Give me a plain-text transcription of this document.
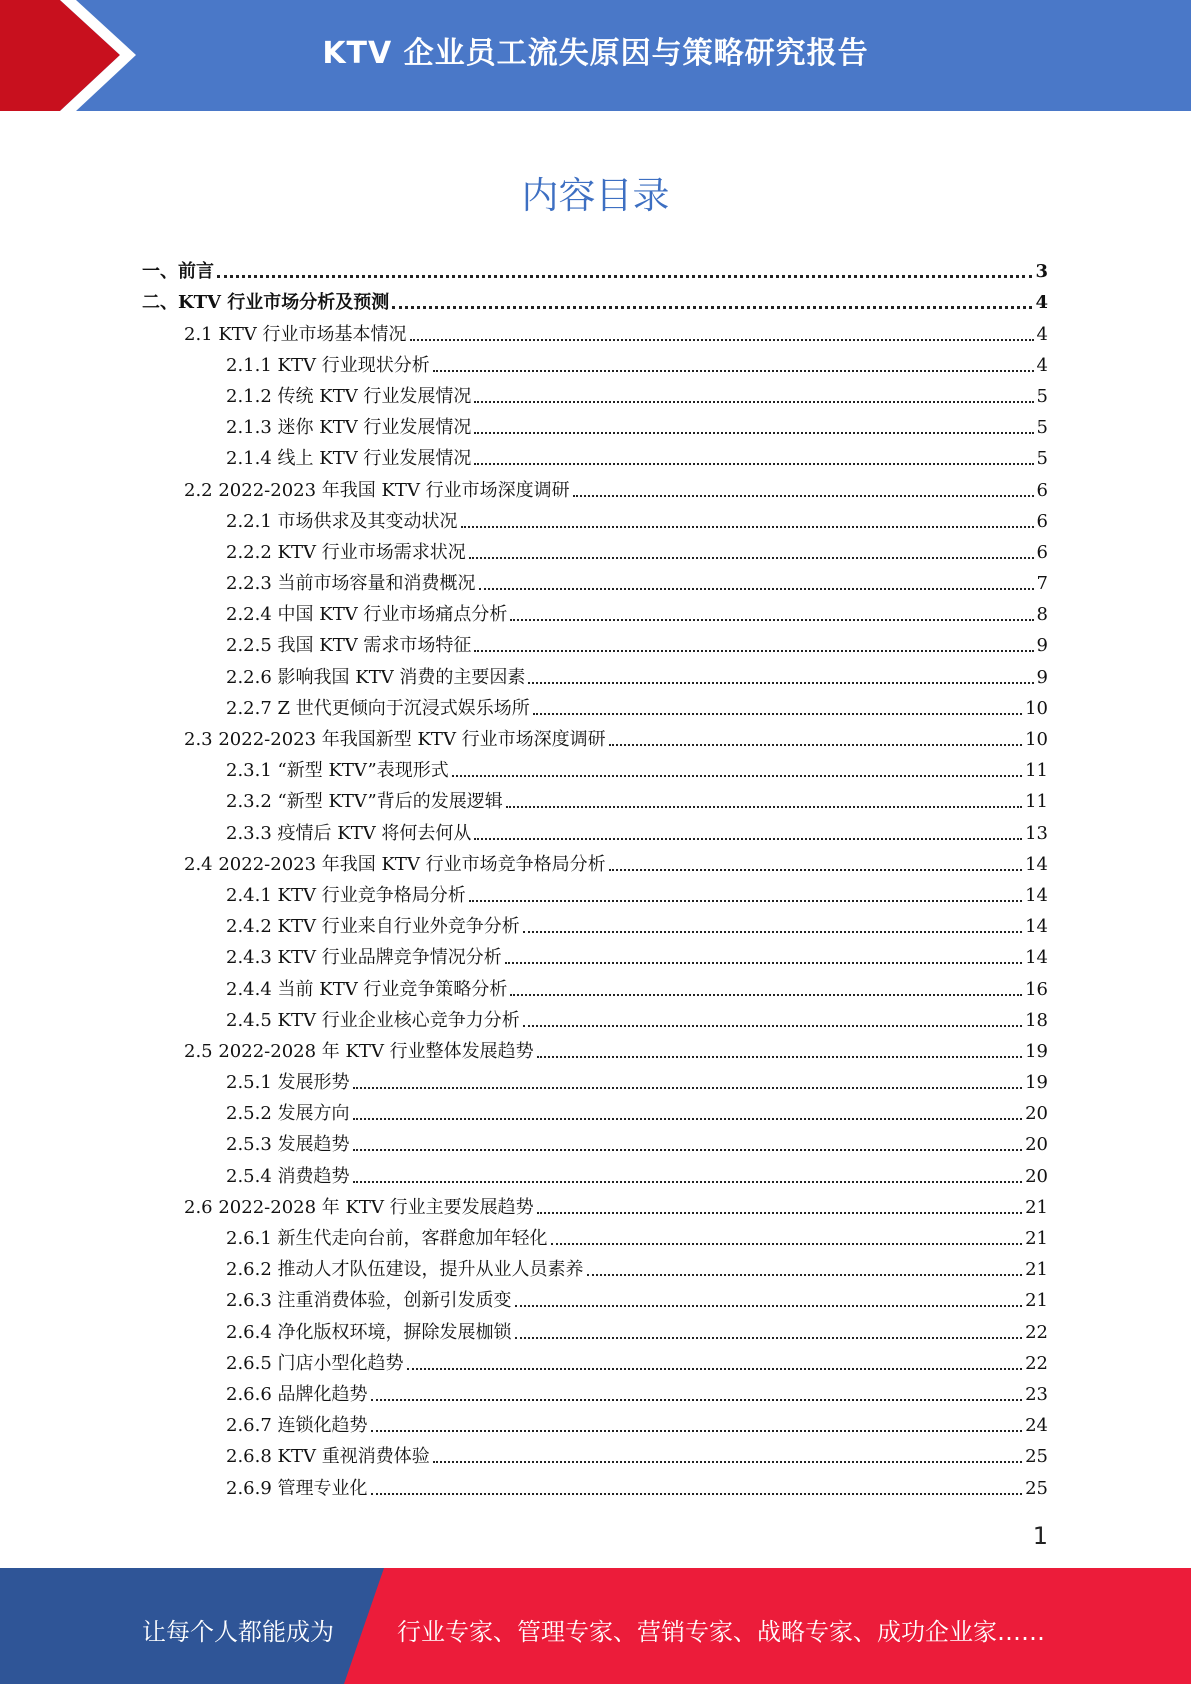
KTV 企业员工流失原因与策略研究报告
内容目录
一、前言	3
二、KTV 行业市场分析及预测	4
2.1 KTV 行业市场基本情况	4
2.1.1 KTV 行业现状分析	4
2.1.2 传统 KTV 行业发展情况	5
2.1.3 迷你 KTV 行业发展情况	5
2.1.4 线上 KTV 行业发展情况	5
2.2 2022-2023 年我国 KTV 行业市场深度调研	6
2.2.1 市场供求及其变动状况	6
2.2.2 KTV 行业市场需求状况	6
2.2.3 当前市场容量和消费概况	7
2.2.4 中国 KTV 行业市场痛点分析	8
2.2.5 我国 KTV 需求市场特征	9
2.2.6 影响我国 KTV 消费的主要因素	9
2.2.7 Z 世代更倾向于沉浸式娱乐场所	10
2.3 2022-2023 年我国新型 KTV 行业市场深度调研	10
2.3.1 “新型 KTV”表现形式	11
2.3.2 “新型 KTV”背后的发展逻辑	11
2.3.3 疫情后 KTV 将何去何从	13
2.4 2022-2023 年我国 KTV 行业市场竞争格局分析	14
2.4.1 KTV 行业竞争格局分析	14
2.4.2 KTV 行业来自行业外竞争分析	14
2.4.3 KTV 行业品牌竞争情况分析	14
2.4.4 当前 KTV 行业竞争策略分析	16
2.4.5 KTV 行业企业核心竞争力分析	18
2.5 2022-2028 年 KTV 行业整体发展趋势	19
2.5.1 发展形势	19
2.5.2 发展方向	20
2.5.3 发展趋势	20
2.5.4 消费趋势	20
2.6 2022-2028 年 KTV 行业主要发展趋势	21
2.6.1 新生代走向台前，客群愈加年轻化	21
2.6.2 推动人才队伍建设，提升从业人员素养	21
2.6.3 注重消费体验，创新引发质变	21
2.6.4 净化版权环境，摒除发展枷锁	22
2.6.5 门店小型化趋势	22
2.6.6 品牌化趋势	23
2.6.7 连锁化趋势	24
2.6.8 KTV 重视消费体验	25
2.6.9 管理专业化	25
1
让每个人都能成为	行业专家、管理专家、营销专家、战略专家、成功企业家……
